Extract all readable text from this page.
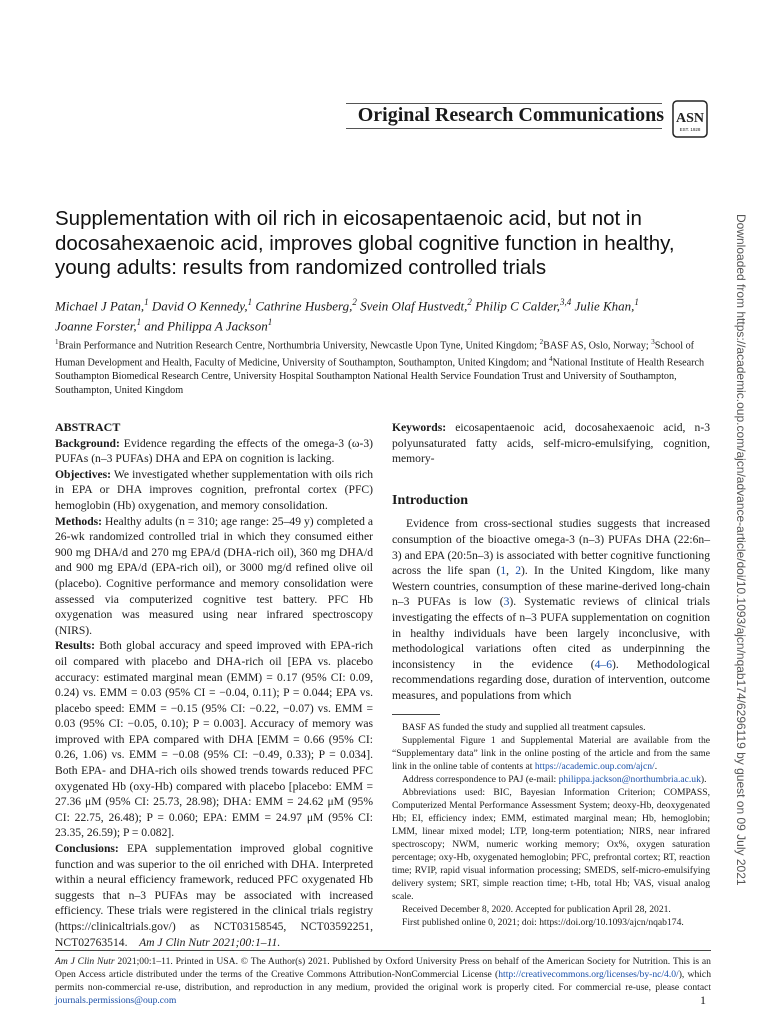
Original Research Communications ASN
EST. 1928
Downloaded from https://academic.oup.com/ajcn/advance-article/doi/10.1093/ajcn/nqab174/6296119 by guest on 09 July 2021
Supplementation with oil rich in eicosapentaenoic acid, but not in docosahexaenoic acid, improves global cognitive function in healthy, young adults: results from randomized controlled trials
Michael J Patan,$^1$ David O Kennedy,$^1$ Cathrine Husberg,$^2$ Svein Olaf Hustvedt,$^2$ Philip C Calder,$^{3,4}$ Julie Khan,$^1$
Joanne Forster,$^1$ and Philippa A Jackson$^1$
$^1$Brain Performance and Nutrition Research Centre, Northumbria University, Newcastle Upon Tyne, United Kingdom; $^2$BASF AS, Oslo, Norway; $^3$School of Human Development and Health, Faculty of Medicine, University of Southampton, Southampton, United Kingdom; and $^4$National Institute of Health Research Southampton Biomedical Research Centre, University Hospital Southampton National Health Service Foundation Trust and University of Southampton, Southampton, United Kingdom

ABSTRACT

Background: Evidence regarding the effects of the omega-3 (ω-3) PUFAs (n–3 PUFAs) DHA and EPA on cognition is lacking.

Objectives: We investigated whether supplementation with oils rich in EPA or DHA improves cognition, prefrontal cortex (PFC) hemoglobin (Hb) oxygenation, and memory consolidation.

Methods: Healthy adults (n = 310; age range: 25–49 y) completed a 26-wk randomized controlled trial in which they consumed either 900 mg DHA/d and 270 mg EPA/d (DHA-rich oil), 360 mg DHA/d and 900 mg EPA/d (EPA-rich oil), or 3000 mg/d refined olive oil (placebo). Cognitive performance and memory consolidation were assessed via computerized cognitive test battery. PFC Hb oxygenation was measured using near infrared spectroscopy (NIRS).

Results: Both global accuracy and speed improved with EPA-rich oil compared with placebo and DHA-rich oil [EPA vs. placebo accuracy: estimated marginal mean (EMM) = 0.17 (95% CI: 0.09, 0.24) vs. EMM = 0.03 (95% CI = −0.04, 0.11); P = 0.044; EPA vs. placebo speed: EMM = −0.15 (95% CI: −0.22, −0.07) vs. EMM = 0.03 (95% CI: −0.05, 0.10); P = 0.003]. Accuracy of memory was improved with EPA compared with DHA [EMM = 0.66 (95% CI: 0.26, 1.06) vs. EMM = −0.08 (95% CI: −0.49, 0.33); P = 0.034]. Both EPA- and DHA-rich oils showed trends towards reduced PFC oxygenated Hb (oxy-Hb) compared with placebo [placebo: EMM = 27.36 μM (95% CI: 25.73, 28.98); DHA: EMM = 24.62 μM (95% CI: 22.75, 26.48); P = 0.060; EPA: EMM = 24.97 μM (95% CI: 23.35, 26.59); P = 0.082].

Conclusions: EPA supplementation improved global cognitive function and was superior to the oil enriched with DHA. Interpreted within a neural efficiency framework, reduced PFC oxygenated Hb suggests that n–3 PUFAs may be associated with increased efficiency. These trials were registered in the clinical trials registry (https://clinicaltrials.gov/) as NCT03158545, NCT03592251, NCT02763514. Am J Clin Nutr 2021;00:1–11.

Keywords: eicosapentaenoic acid, docosahexaenoic acid, n-3 polyunsaturated fatty acids, self-micro-emulsifying, cognition, memory-

Introduction

Evidence from cross-sectional studies suggests that increased consumption of the bioactive omega-3 (n–3) PUFAs DHA (22:6n–3) and EPA (20:5n–3) is associated with better cognitive functioning across the life span (1, 2). In the United Kingdom, like many Western countries, consumption of these marine-derived long-chain n–3 PUFAs is low (3). Systematic reviews of clinical trials investigating the effects of n–3 PUFA supplementation on cognition in healthy individuals have been largely inconclusive, with methodological variations often cited as underpinning the inconsistency in the evidence (4–6). Methodological recommendations regarding dose, duration of intervention, outcome measures, and populations from which

BASF AS funded the study and supplied all treatment capsules.

Supplemental Figure 1 and Supplemental Material are available from the “Supplementary data” link in the online posting of the article and from the same link in the online table of contents at https://academic.oup.com/ajcn/.

Address correspondence to PAJ (e-mail: philippa.jackson@northumbria.ac.uk).

Abbreviations used: BIC, Bayesian Information Criterion; COMPASS, Computerized Mental Performance Assessment System; deoxy-Hb, deoxygenated Hb; EI, efficiency index; EMM, estimated marginal mean; Hb, hemoglobin; LMM, linear mixed model; LTP, long-term potentiation; NIRS, near infrared spectroscopy; NWM, numeric working memory; Ox%, oxygen saturation percentage; oxy-Hb, oxygenated hemoglobin; PFC, prefrontal cortex; RT, reaction time; RVIP, rapid visual information processing; SMEDS, self-micro-emulsifying delivery system; SRT, simple reaction time; t-Hb, total Hb; VAS, visual analog scale.

Received December 8, 2020. Accepted for publication April 28, 2021.

First published online 0, 2021; doi: https://doi.org/10.1093/ajcn/nqab174.

Am J Clin Nutr 2021;00:1–11. Printed in USA. © The Author(s) 2021. Published by Oxford University Press on behalf of the American Society for Nutrition. This is an Open Access article distributed under the terms of the Creative Commons Attribution-NonCommercial License (http://creativecommons.org/licenses/by-nc/4.0/), which permits non-commercial re-use, distribution, and reproduction in any medium, provided the original work is properly cited. For commercial re-use, please contact journals.permissions@oup.com	1
